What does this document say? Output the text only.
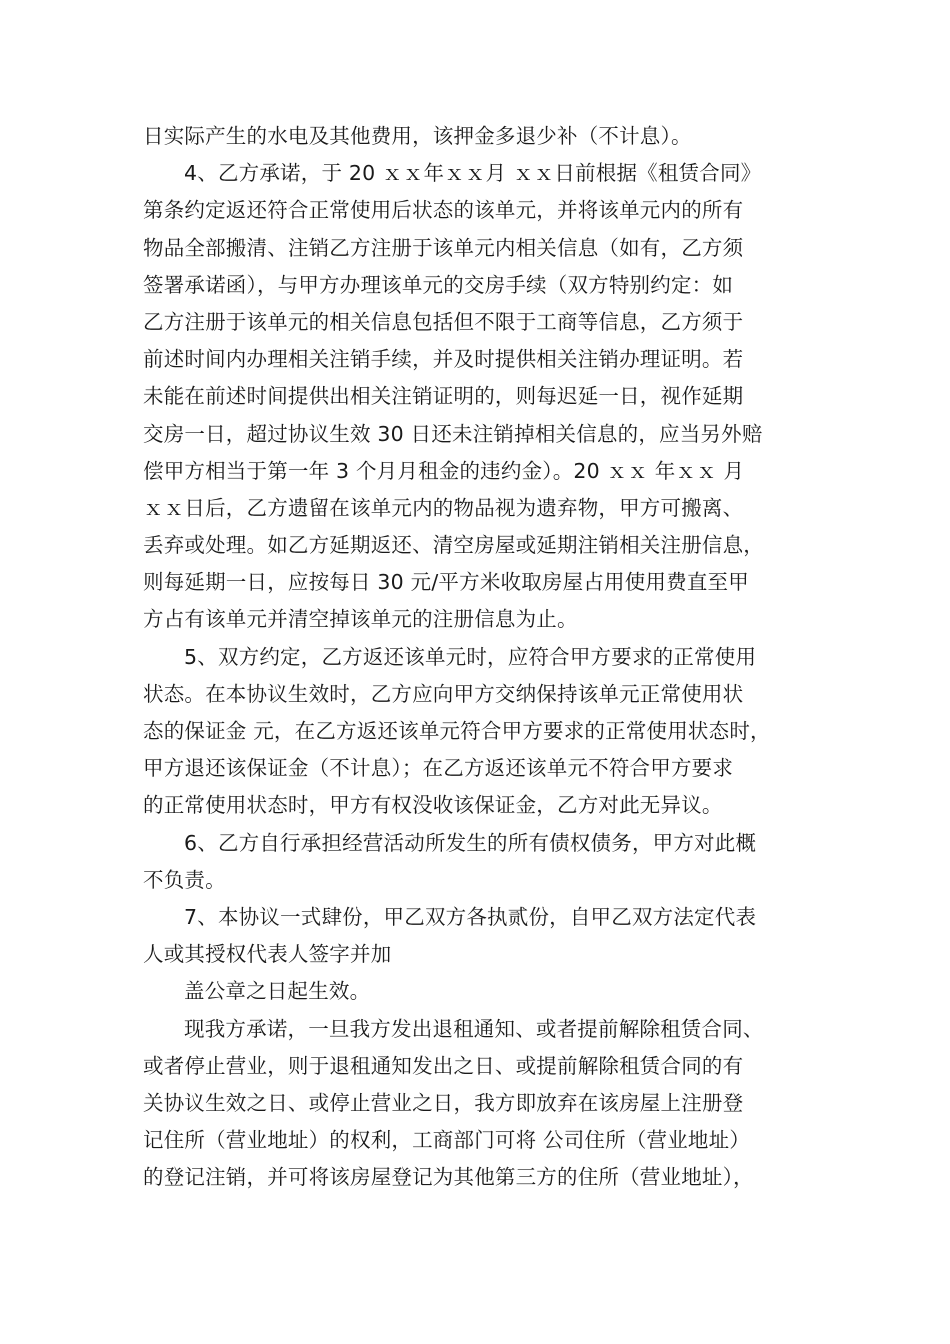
日实际产生的水电及其他费用，该押金多退少补（不计息）。
4、乙方承诺，于 20 ｘｘ年ｘｘ月 ｘｘ日前根据《租赁合同》
第条约定返还符合正常使用后状态的该单元，并将该单元内的所有
物品全部搬清、注销乙方注册于该单元内相关信息（如有，乙方须
签署承诺函），与甲方办理该单元的交房手续（双方特别约定：如
乙方注册于该单元的相关信息包括但不限于工商等信息，乙方须于
前述时间内办理相关注销手续，并及时提供相关注销办理证明。若
未能在前述时间提供出相关注销证明的，则每迟延一日，视作延期
交房一日，超过协议生效 30 日还未注销掉相关信息的，应当另外赔
偿甲方相当于第一年 3 个月月租金的违约金）。20 ｘｘ 年ｘｘ 月
ｘｘ日后，乙方遗留在该单元内的物品视为遗弃物，甲方可搬离、
丢弃或处理。如乙方延期返还、清空房屋或延期注销相关注册信息，
则每延期一日，应按每日 30 元/平方米收取房屋占用使用费直至甲
方占有该单元并清空掉该单元的注册信息为止。
5、双方约定，乙方返还该单元时，应符合甲方要求的正常使用
状态。在本协议生效时，乙方应向甲方交纳保持该单元正常使用状
态的保证金 元，在乙方返还该单元符合甲方要求的正常使用状态时，
甲方退还该保证金（不计息）；在乙方返还该单元不符合甲方要求
的正常使用状态时，甲方有权没收该保证金，乙方对此无异议。
6、乙方自行承担经营活动所发生的所有债权债务，甲方对此概
不负责。
7、本协议一式肆份，甲乙双方各执贰份，自甲乙双方法定代表
人或其授权代表人签字并加
盖公章之日起生效。
现我方承诺，一旦我方发出退租通知、或者提前解除租赁合同、
或者停止营业，则于退租通知发出之日、或提前解除租赁合同的有
关协议生效之日、或停止营业之日，我方即放弃在该房屋上注册登
记住所（营业地址）的权利，工商部门可将 公司住所（营业地址）
的登记注销，并可将该房屋登记为其他第三方的住所（营业地址），
